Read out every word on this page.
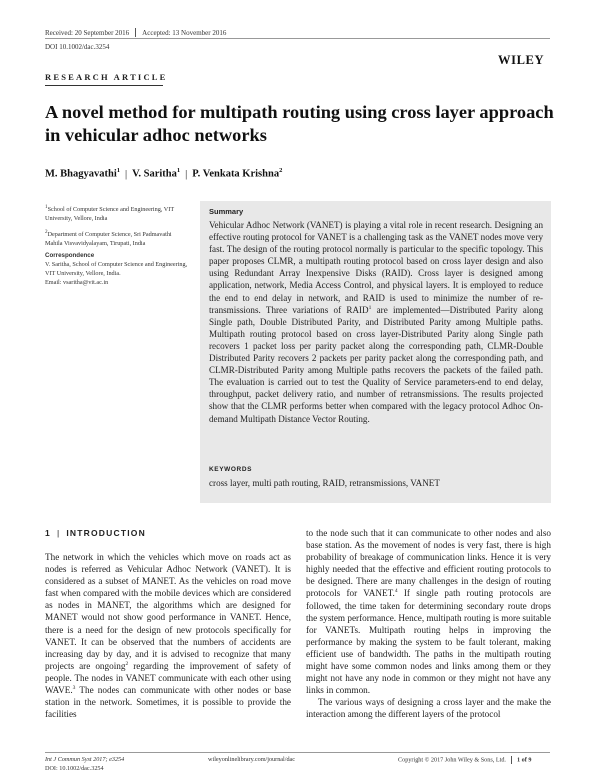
Received: 20 September 2016 Accepted: 13 November 2016
DOI 10.1002/dac.3254
WILEY
RESEARCH ARTICLE
A novel method for multipath routing using cross layer approach in vehicular adhoc networks
M. Bhagyavathi$^1$ | V. Saritha$^1$ | P. Venkata Krishna$^2$

$^1$School of Computer Science and Engineering, VIT University, Vellore, India

$^2$Department of Computer Science, Sri Padmavathi Mahila Visvavidyalayam, Tirupati, India

Correspondence

V. Saritha, School of Computer Science and Engineering, VIT University, Vellore, India.
Email: vsaritha@vit.ac.in

Summary
Vehicular Adhoc Network (VANET) is playing a vital role in recent research. Designing an effective routing protocol for VANET is a challenging task as the VANET nodes move very fast. The design of the routing protocol normally is particular to the specific topology. This paper proposes CLMR, a multipath routing protocol based on cross layer design and also using Redundant Array Inexpensive Disks (RAID). Cross layer is designed among application, network, Media Access Control, and physical layers. It is employed to reduce the end to end delay in network, and RAID is used to minimize the number of re-transmissions. Three variations of RAID$^1$ are implemented—Distributed Parity along Single path, Double Distributed Parity, and Distributed Parity among Multiple paths. Multipath routing protocol based on cross layer-Distributed Parity along Single path recovers 1 packet loss per parity packet along the corresponding path, CLMR-Double Distributed Parity recovers 2 packets per parity packet along the corresponding path, and CLMR-Distributed Parity among Multiple paths recovers the packets of the failed path. The evaluation is carried out to test the Quality of Service parameters-end to end delay, throughput, packet delivery ratio, and number of retransmissions. The results projected show that the CLMR performs better when compared with the legacy protocol Adhoc On-demand Multipath Distance Vector Routing.
KEYWORDS
cross layer, multi path routing, RAID, retransmissions, VANET
1 | INTRODUCTION

The network in which the vehicles which move on roads act as nodes is referred as Vehicular Adhoc Network (VANET). It is considered as a subset of MANET. As the vehicles on road move fast when compared with the mobile devices which are considered as nodes in MANET, the algorithms which are designed for MANET would not show good performance in VANET. Hence, there is a need for the design of new protocols specifically for VANET. It can be observed that the numbers of accidents are increasing day by day, and it is advised to recognize that many projects are ongoing$^2$ regarding the improvement of safety of people. The nodes in VANET communicate with each other using WAVE.$^3$ The nodes can communicate with other nodes or base station in the network. Sometimes, it is possible to provide the facilities

to the node such that it can communicate to other nodes and also base station. As the movement of nodes is very fast, there is high probability of breakage of communication links. Hence it is very highly needed that the effective and efficient routing protocols to be designed. There are many challenges in the design of routing protocols for VANET.$^4$ If single path routing protocols are followed, the time taken for determining secondary route drops the system performance. Hence, multipath routing is more suitable for VANETs. Multipath routing helps in improving the performance by making the system to be fault tolerant, making efficient use of bandwidth. The paths in the multipath routing might have some common nodes and links among them or they might not have any node in common or they might not have any links in common.

The various ways of designing a cross layer and the make the interaction among the different layers of the protocol

Int J Commun Syst 2017; e3254
DOI: 10.1002/dac.3254
wileyonlinelibrary.com/journal/dac	Copyright © 2017 John Wiley & Sons, Ltd. 1 of 9
